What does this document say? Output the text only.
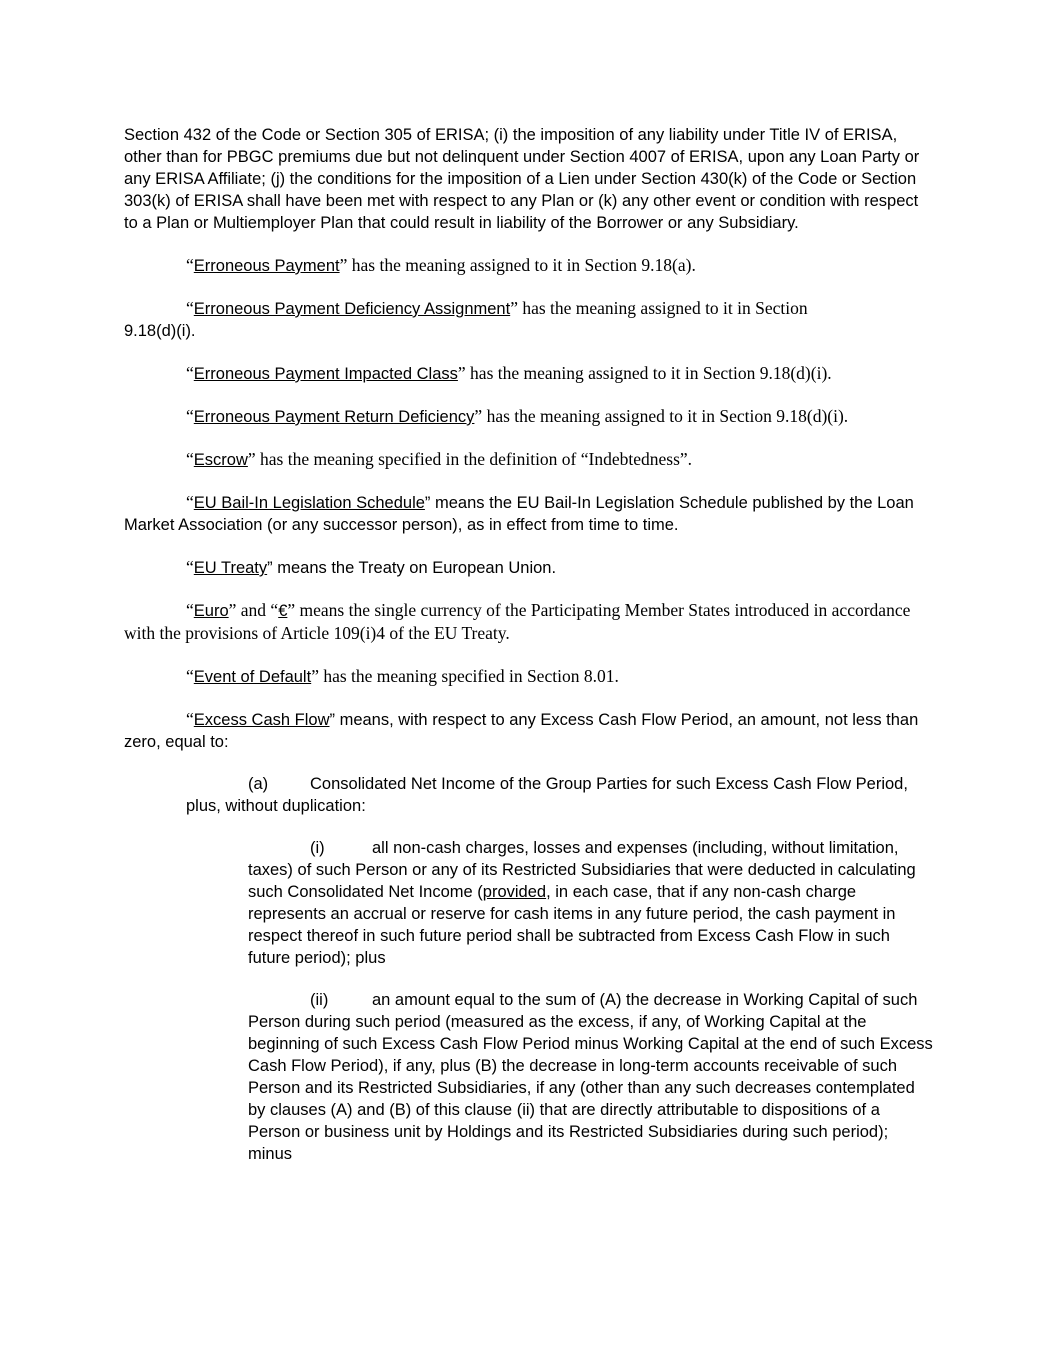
Section 432 of the Code or Section 305 of ERISA; (i) the imposition of any liability under Title IV of ERISA, other than for PBGC premiums due but not delinquent under Section 4007 of ERISA, upon any Loan Party or any ERISA Affiliate; (j) the conditions for the imposition of a Lien under Section 430(k) of the Code or Section 303(k) of ERISA shall have been met with respect to any Plan or (k) any other event or condition with respect to a Plan or Multiemployer Plan that could result in liability of the Borrower or any Subsidiary.

“Erroneous Payment” has the meaning assigned to it in Section 9.18(a).

“Erroneous Payment Deficiency Assignment” has the meaning assigned to it in Section
9.18(d)(i).

“Erroneous Payment Impacted Class” has the meaning assigned to it in Section 9.18(d)(i).

“Erroneous Payment Return Deficiency” has the meaning assigned to it in Section 9.18(d)(i).

“Escrow” has the meaning specified in the definition of “Indebtedness”.

“EU Bail-In Legislation Schedule” means the EU Bail-In Legislation Schedule published by the Loan Market Association (or any successor person), as in effect from time to time.

“EU Treaty” means the Treaty on European Union.

“Euro” and “€” means the single currency of the Participating Member States introduced in accordance with the provisions of Article 109(i)4 of the EU Treaty.

“Event of Default” has the meaning specified in Section 8.01.

“Excess Cash Flow” means, with respect to any Excess Cash Flow Period, an amount, not less than zero, equal to:

(a)	Consolidated Net Income of the Group Parties for such Excess Cash Flow Period, plus, without duplication:

(i)	all non-cash charges, losses and expenses (including, without limitation, taxes) of such Person or any of its Restricted Subsidiaries that were deducted in calculating such Consolidated Net Income (provided, in each case, that if any non-cash charge represents an accrual or reserve for cash items in any future period, the cash payment in respect thereof in such future period shall be subtracted from Excess Cash Flow in such future period); plus

(ii)	an amount equal to the sum of (A) the decrease in Working Capital of such Person during such period (measured as the excess, if any, of Working Capital at the beginning of such Excess Cash Flow Period minus Working Capital at the end of such Excess Cash Flow Period), if any, plus (B) the decrease in long-term accounts receivable of such Person and its Restricted Subsidiaries, if any (other than any such decreases contemplated by clauses (A) and (B) of this clause (ii) that are directly attributable to dispositions of a Person or business unit by Holdings and its Restricted Subsidiaries during such period); minus
